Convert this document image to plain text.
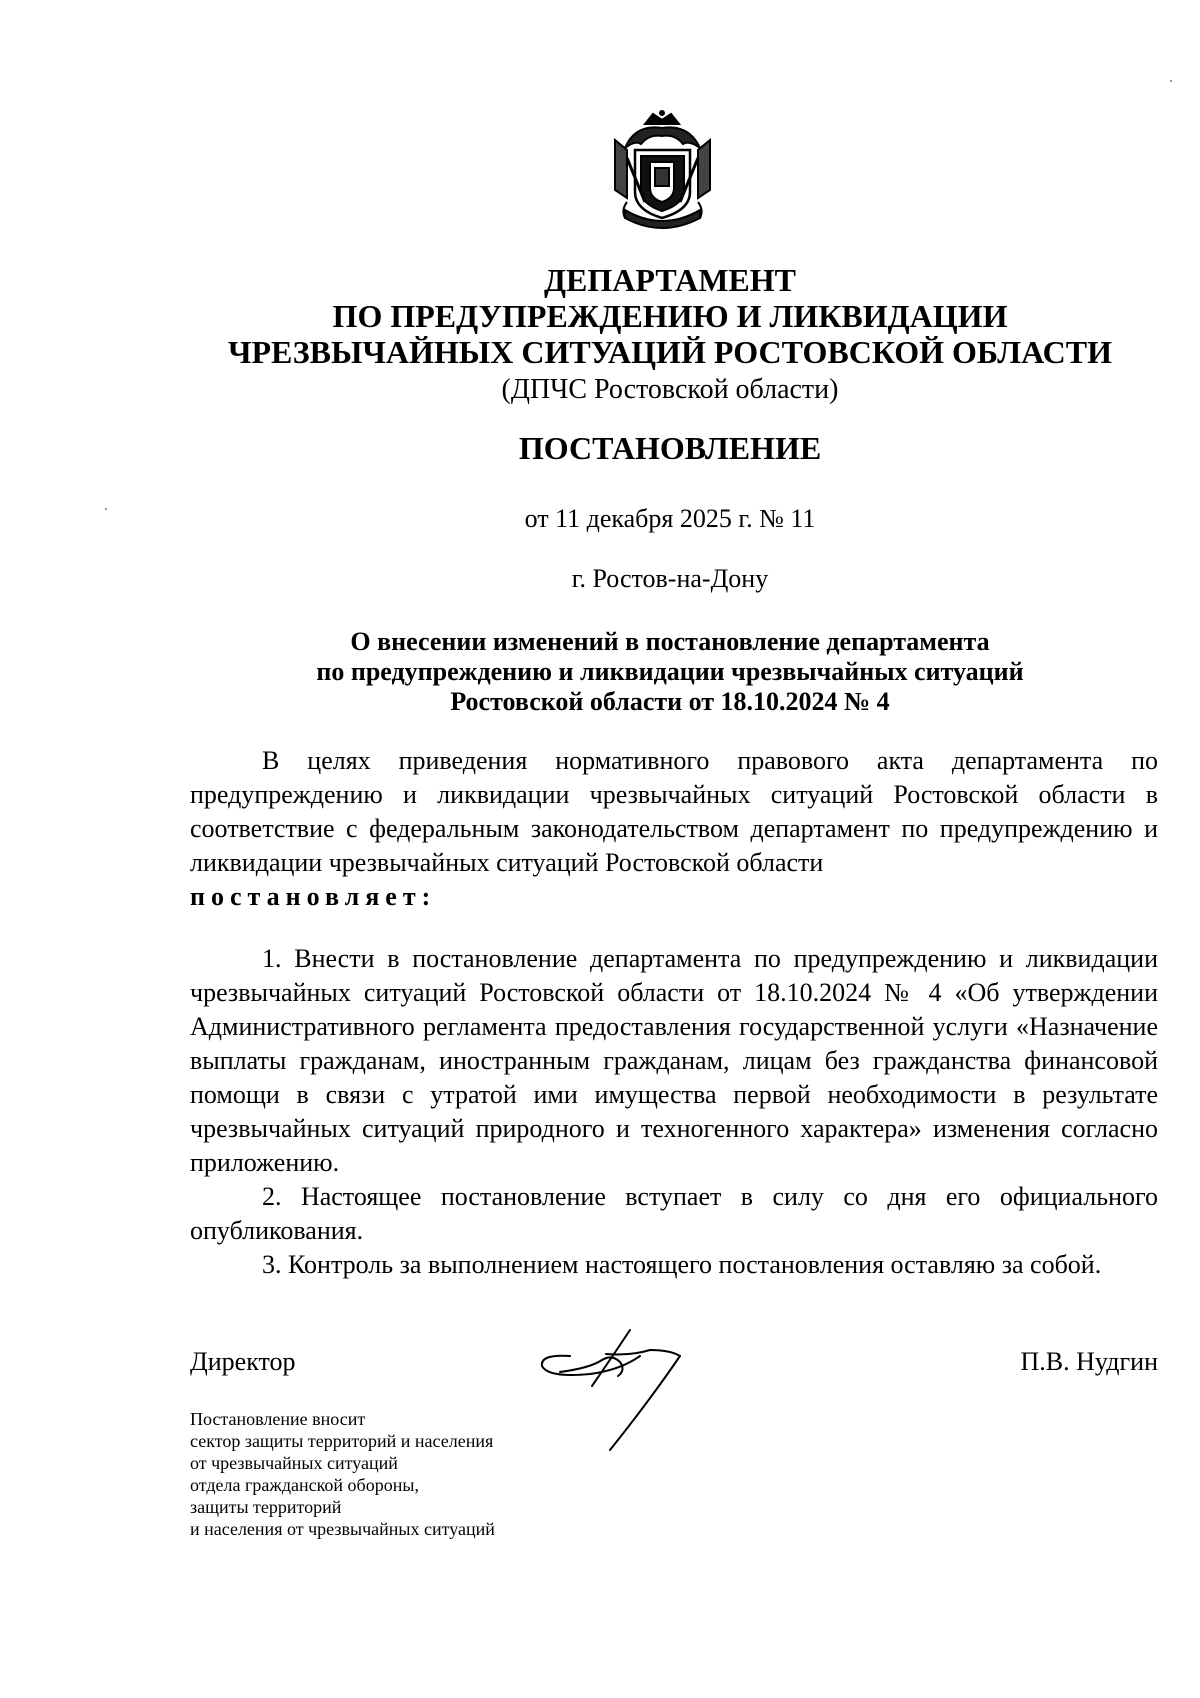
ДЕПАРТАМЕНТ
ПО ПРЕДУПРЕЖДЕНИЮ И ЛИКВИДАЦИИ
ЧРЕЗВЫЧАЙНЫХ СИТУАЦИЙ РОСТОВСКОЙ ОБЛАСТИ
(ДПЧС Ростовской области)
ПОСТАНОВЛЕНИЕ
от 11 декабря 2025 г. № 11
г. Ростов-на-Дону
О внесении изменений в постановление департамента
по предупреждению и ликвидации чрезвычайных ситуаций
Ростовской области от 18.10.2024 № 4

В целях приведения нормативного правового акта департамента по предупреждению и ликвидации чрезвычайных ситуаций Ростовской области в соответствие с федеральным законодательством департамент по предупреждению и ликвидации чрезвычайных ситуаций Ростовской области

постановляет:

1. Внести в постановление департамента по предупреждению и ликвидации чрезвычайных ситуаций Ростовской области от 18.10.2024 № 4 «Об утверждении Административного регламента предоставления государственной услуги «Назначение выплаты гражданам, иностранным гражданам, лицам без гражданства финансовой помощи в связи с утратой ими имущества первой необходимости в результате чрезвычайных ситуаций природного и техногенного характера» изменения согласно приложению.

2. Настоящее постановление вступает в силу со дня его официального опубликования.

3. Контроль за выполнением настоящего постановления оставляю за собой.

Директор	П.В. Нудгин
Постановление вносит
сектор защиты территорий и населения
от чрезвычайных ситуаций
отдела гражданской обороны,
защиты территорий
и населения от чрезвычайных ситуаций
